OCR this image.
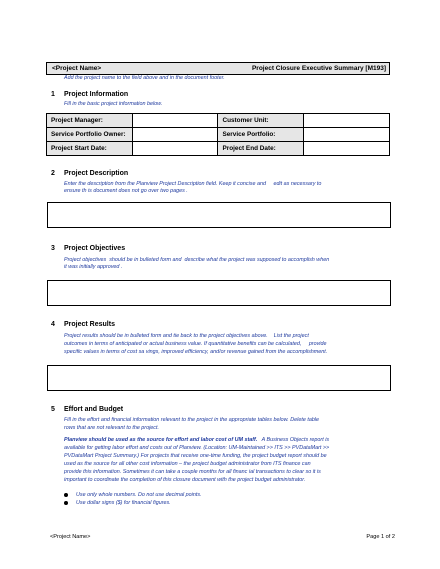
<Project Name>	Project Closure Executive Summary [M193]
Add the project name to the field above and in the document footer.
1 Project Information
Fill in the basic project information below.
Project Manager:		Customer Unit:	
Service Portfolio Owner:		Service Portfolio:	
Project Start Date:		Project End Date:	
2 Project Description
Enter the description from the Planview Project Description field. Keep it concise and     edit as necessary to
ensure th is document does not go over two pages .
3 Project Objectives
Project objectives  should be in bulleted form and  describe what the project was supposed to accomplish when
it was initially approved .
4 Project Results
Project results should be in bulleted form and tie back to the project objectives above.    List the project
outcomes in terms of anticipated or actual business value. If quantitative benefits can be calculated,     provide
specific values in terms of cost sa vings, improved efficiency, and/or revenue gained from the accomplishment.
5 Effort and Budget
Fill in the effort and financial information relevant to the project in the appropriate tables below. Delete table
rows that are not relevant to the project.
Planview should be used as the source for effort and labor cost of UM staff.   A Business Objects report is
available for getting labor effort and costs out of Planview. (Location: UM-Maintained >> ITS >> PVDataMart >>
PVDataMart Project Summary.) For projects that receive one-time funding, the project budget report should be
used as the source for all other cost information – the project budget administrator from ITS finance can
provide this information. Sometimes it can take a couple months for all financ ial transactions to clear so it is
important to coordinate the completion of this closure document with the project budget administrator.
Use only whole numbers. Do not use decimal points.
Use dollar signs ($) for financial figures.
<Project Name>	Page 1 of 2
